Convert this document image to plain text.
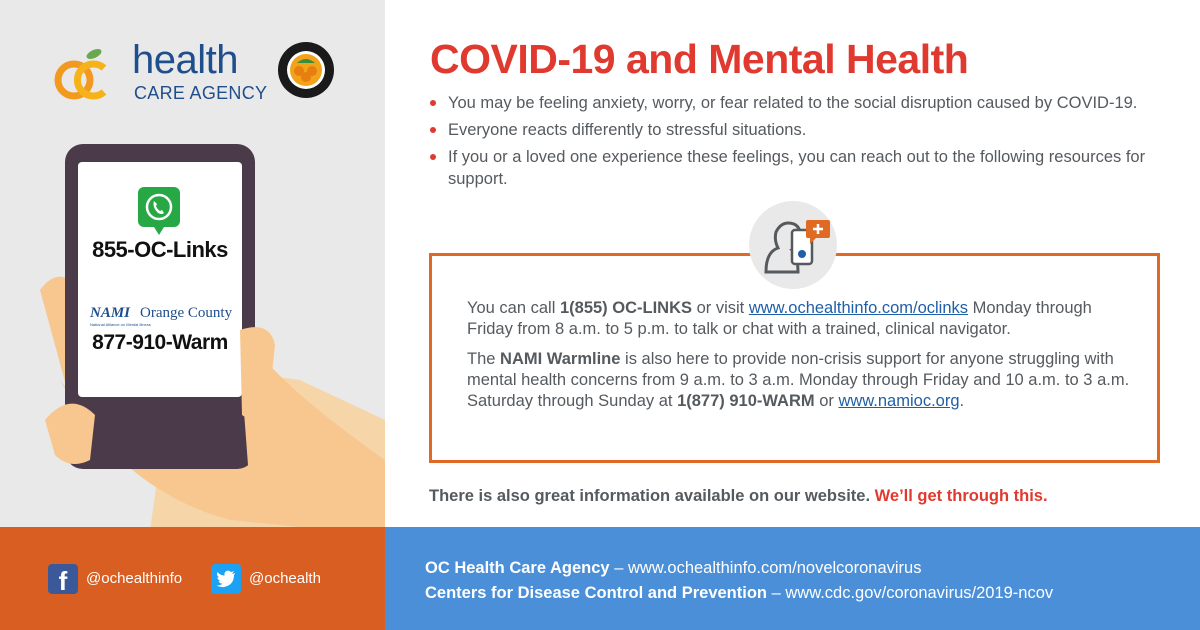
health
CARE AGENCY
855-OC-Links
NAMI Orange County
National Alliance on Mental Illness
877-910-Warm
COVID-19 and Mental Health
You may be feeling anxiety, worry, or fear related to the social disruption caused by COVID-19.
Everyone reacts differently to stressful situations.
If you or a loved one experience these feelings, you can reach out to the following resources for support.

You can call 1(855) OC-LINKS or visit www.ochealthinfo.com/oclinks Monday through Friday from 8 a.m. to 5 p.m. to talk or chat with a trained, clinical navigator.

The NAMI Warmline is also here to provide non-crisis support for anyone struggling with mental health concerns from 9 a.m. to 3 a.m. Monday through Friday and 10 a.m. to 3 a.m. Saturday through Sunday at 1(877) 910-WARM or www.namioc.org.

There is also great information available on our website. We’ll get through this.
f	@ochealthinfo	@ochealth
OC Health Care Agency – www.ochealthinfo.com/novelcoronavirus
Centers for Disease Control and Prevention – www.cdc.gov/coronavirus/2019-ncov
